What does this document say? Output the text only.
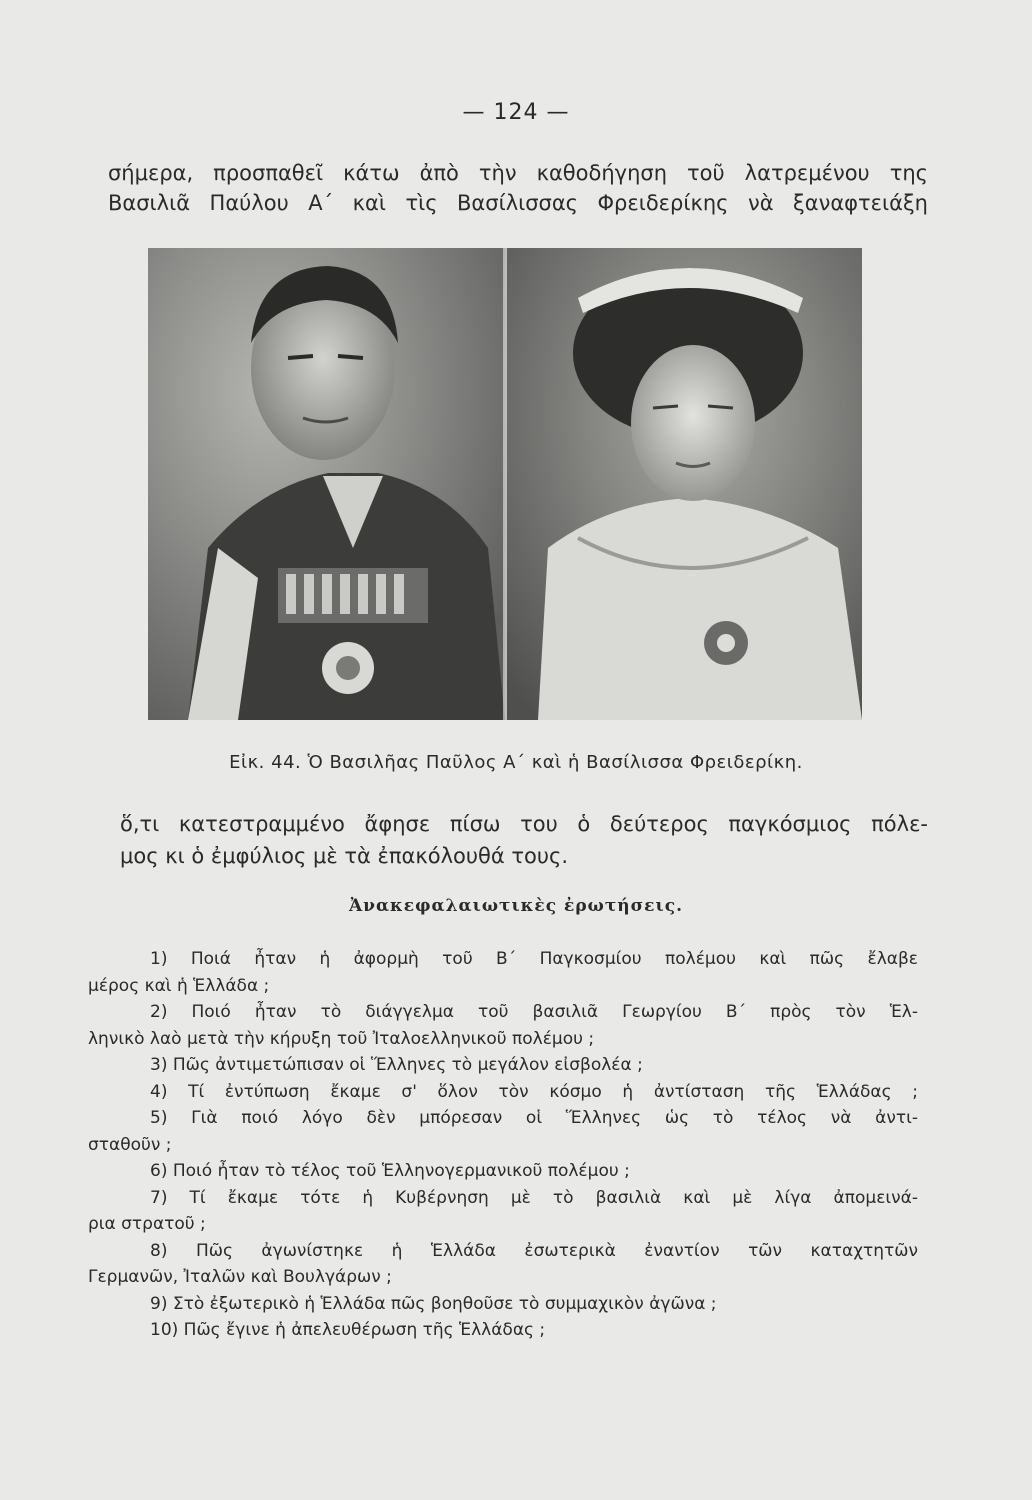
— 124 —
σήμερα, προσπαθεῖ κάτω ἀπὸ τὴν καθοδήγηση τοῦ λατρεμένου της
Βασιλιᾶ Παύλου Α΄ καὶ τὶς Βασίλισσας Φρειδερίκης νὰ ξαναφτειάξη
Εἰκ. 44. Ὁ Βασιλῆας Παῦλος Α΄ καὶ ἡ Βασίλισσα Φρειδερίκη.
ὅ,τι κατεστραμμένο ἄφησε πίσω του ὁ δεύτερος παγκόσμιος πόλε-
μος κι ὁ ἐμφύλιος μὲ τὰ ἐπακόλουθά τους.
Ἀνακεφαλαιωτικὲς ἐρωτήσεις.
1) Ποιά ἦταν ἡ ἀφορμὴ τοῦ Β΄ Παγκοσμίου πολέμου καὶ πῶς ἔλαβε
μέρος καὶ ἡ Ἑλλάδα ;
2) Ποιό ἦταν τὸ διάγγελμα τοῦ βασιλιᾶ Γεωργίου Β΄ πρὸς τὸν Ἑλ-
ληνικὸ λαὸ μετὰ τὴν κήρυξη τοῦ Ἰταλοελληνικοῦ πολέμου ;
3) Πῶς ἀντιμετώπισαν οἱ Ἕλληνες τὸ μεγάλον εἰσβολέα ;
4) Τί ἐντύπωση ἔκαμε σ' ὅλον τὸν κόσμο ἡ ἀντίσταση τῆς Ἑλλάδας ;
5) Γιὰ ποιό λόγο δὲν μπόρεσαν οἱ Ἕλληνες ὡς τὸ τέλος νὰ ἀντι-
σταθοῦν ;
6) Ποιό ἦταν τὸ τέλος τοῦ Ἑλληνογερμανικοῦ πολέμου ;
7) Τί ἔκαμε τότε ἡ Κυβέρνηση μὲ τὸ βασιλιὰ καὶ μὲ λίγα ἀπομεινά-
ρια στρατοῦ ;
8) Πῶς ἀγωνίστηκε ἡ Ἑλλάδα ἐσωτερικὰ ἐναντίον τῶν καταχτητῶν
Γερμανῶν, Ἰταλῶν καὶ Βουλγάρων ;
9) Στὸ ἐξωτερικὸ ἡ Ἑλλάδα πῶς βοηθοῦσε τὸ συμμαχικὸν ἀγῶνα ;
10) Πῶς ἔγινε ἡ ἀπελευθέρωση τῆς Ἑλλάδας ;
